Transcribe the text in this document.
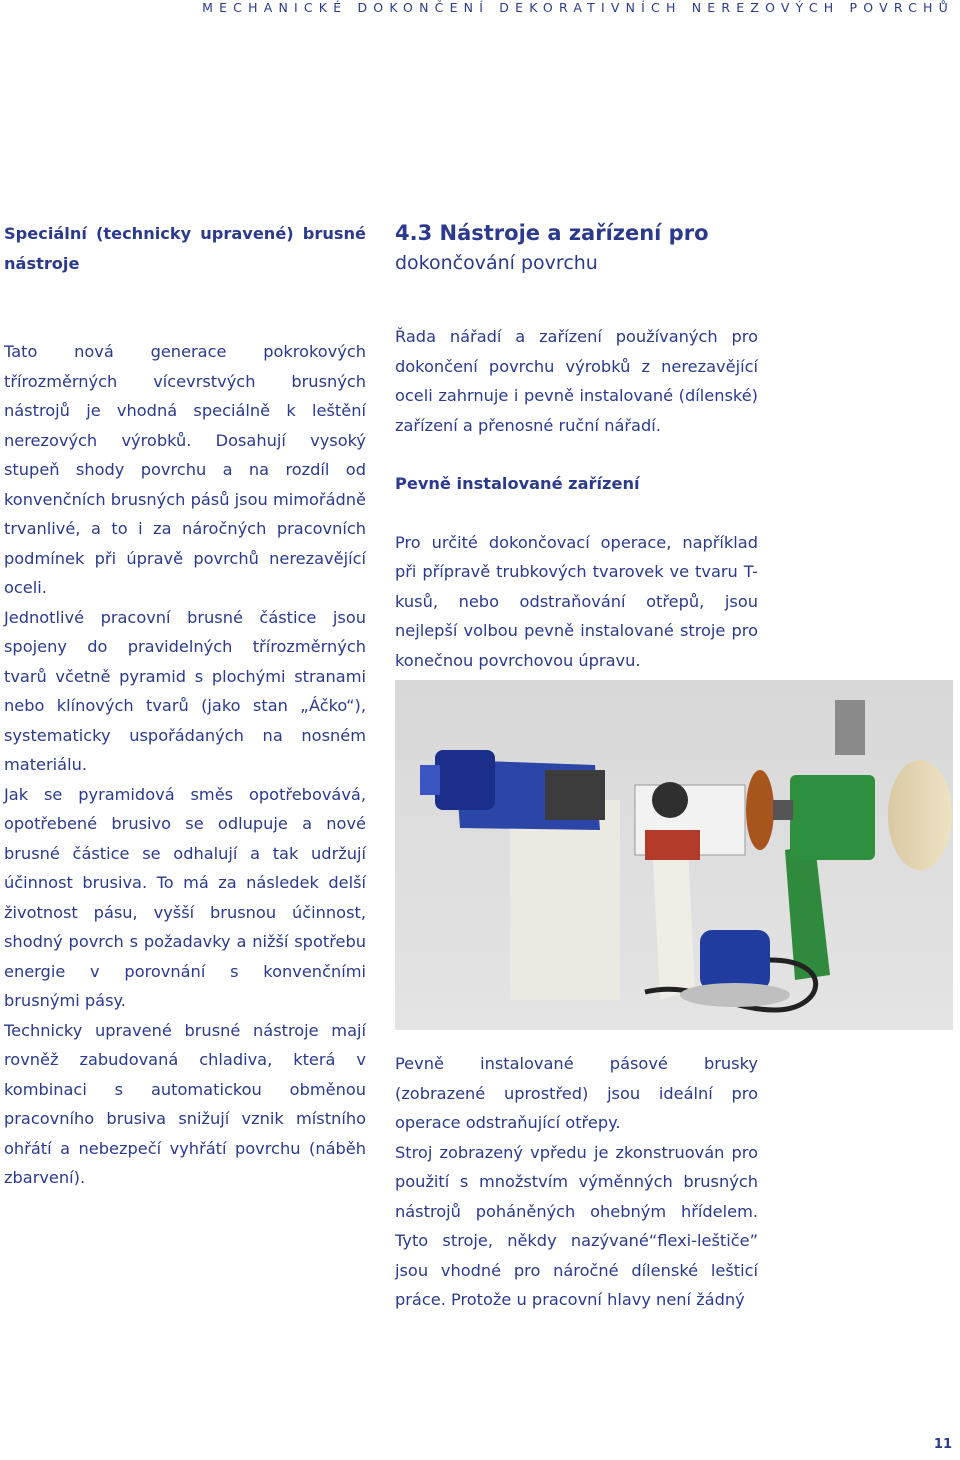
MECHANICKÉ DOKONČENÍ DEKORATIVNÍCH NEREZOVÝCH POVRCHŮ
Speciální (technicky upravené) brusné nástroje

Tato nová generace pokrokových třírozměrných vícevrstvých brusných nástrojů je vhodná speciálně k leštění nerezových výrobků. Dosahují vysoký stupeň shody povrchu a na rozdíl od konvenčních brusných pásů jsou mimořádně trvanlivé, a to i za náročných pracovních podmínek při úpravě povrchů nerezavějící oceli.

Jednotlivé pracovní brusné částice jsou spojeny do pravidelných třírozměrných tvarů včetně pyramid s plochými stranami nebo klínových tvarů (jako stan „Áčko“), systematicky uspořádaných na nosném materiálu.

Jak se pyramidová směs opotřebovává, opotřebené brusivo se odlupuje a nové brusné částice se odhalují a tak udržují účinnost brusiva. To má za následek delší životnost pásu, vyšší brusnou účinnost, shodný povrch s požadavky a nižší spotřebu energie v porovnání s konvenčními brusnými pásy.

Technicky upravené brusné nástroje mají rovněž zabudovaná chladiva, která v kombinaci s automatickou obměnou pracovního brusiva snižují vznik místního ohřátí a nebezpečí vyhřátí povrchu (náběh zbarvení).

4.3 Nástroje a zařízení pro
dokončování povrchu

Řada nářadí a zařízení používaných pro dokončení povrchu výrobků z nerezavějící oceli zahrnuje i pevně instalované (dílenské) zařízení a přenosné ruční nářadí.

Pevně instalované zařízení

Pro určité dokončovací operace, například při přípravě trubkových tvarovek ve tvaru T-kusů, nebo odstraňování otřepů, jsou nejlepší volbou pevně instalované stroje pro konečnou povrchovou úpravu.

Pevně instalované pásové brusky (zobrazené uprostřed) jsou ideální pro operace odstraňující otřepy.

Stroj zobrazený vpředu je zkonstruován pro použití s množstvím výměnných brusných nástrojů poháněných ohebným hřídelem. Tyto stroje, někdy nazývané“flexi-leštiče” jsou vhodné pro náročné dílenské lešticí práce. Protože u pracovní hlavy není žádný

11
